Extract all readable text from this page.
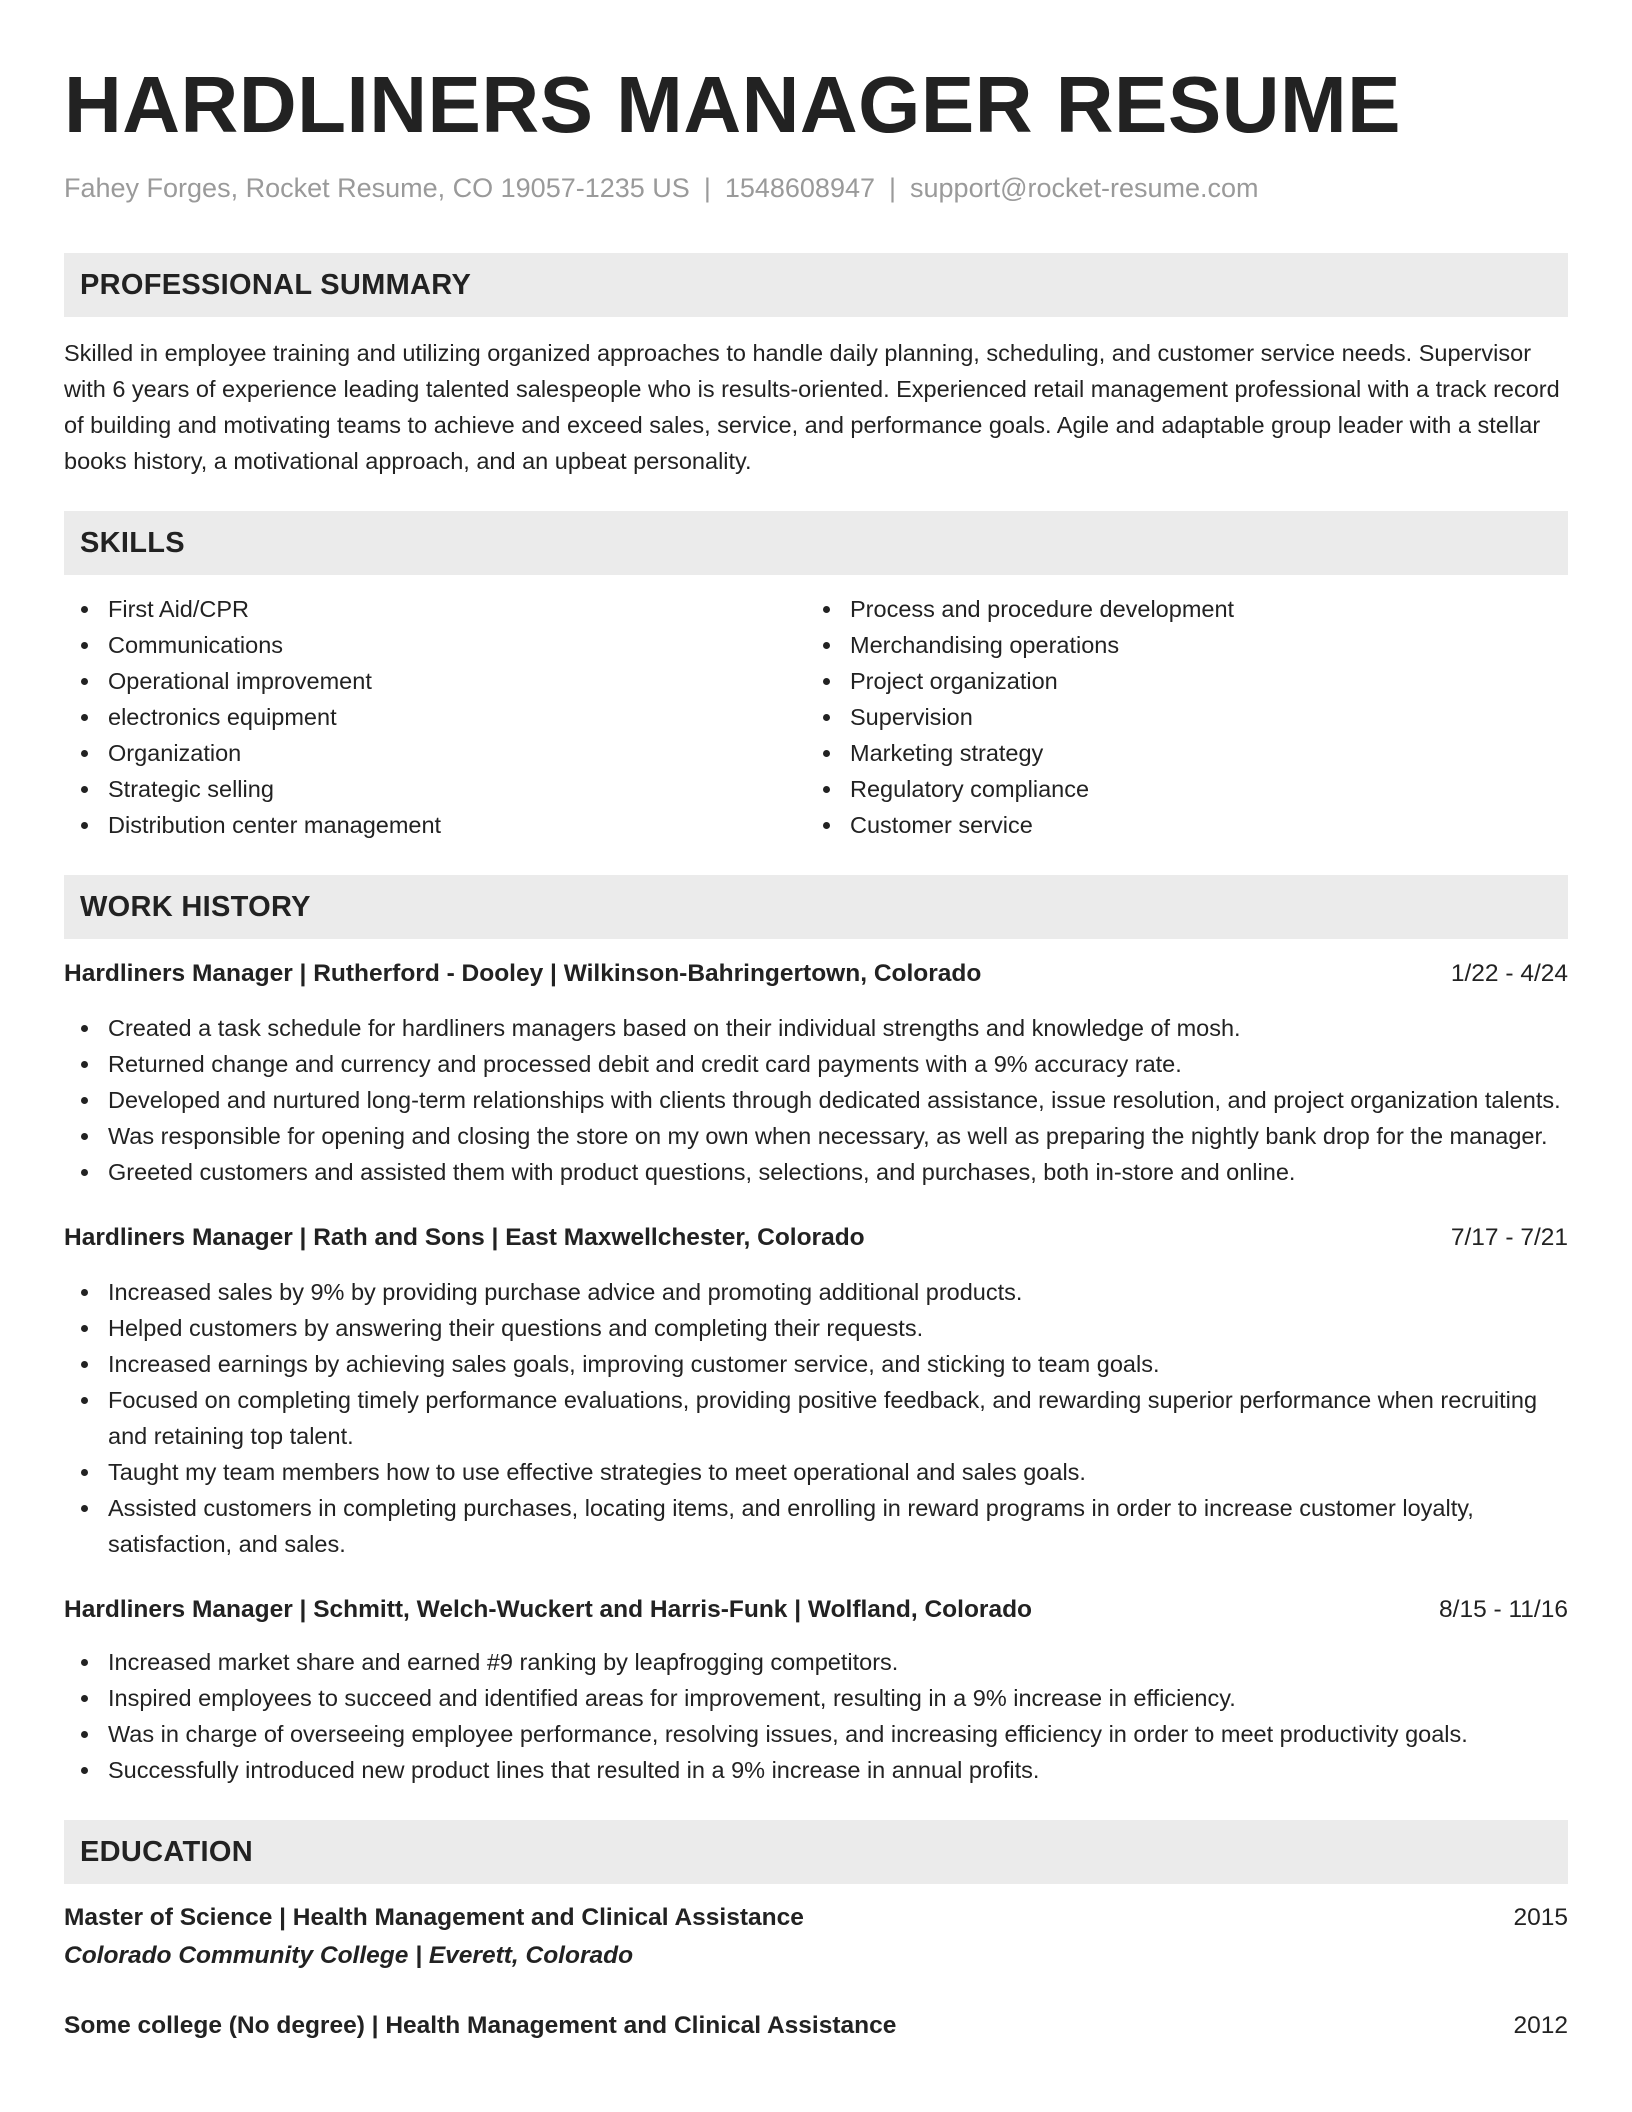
HARDLINERS MANAGER RESUME
Fahey Forges, Rocket Resume, CO 19057-1235 US | 1548608947 | support@rocket-resume.com
PROFESSIONAL SUMMARY
Skilled in employee training and utilizing organized approaches to handle daily planning, scheduling, and customer service needs. Supervisor with 6 years of experience leading talented salespeople who is results-oriented. Experienced retail management professional with a track record of building and motivating teams to achieve and exceed sales, service, and performance goals. Agile and adaptable group leader with a stellar books history, a motivational approach, and an upbeat personality.
SKILLS
First Aid/CPR
Communications
Operational improvement
electronics equipment
Organization
Strategic selling
Distribution center management
Process and procedure development
Merchandising operations
Project organization
Supervision
Marketing strategy
Regulatory compliance
Customer service
WORK HISTORY
Hardliners Manager | Rutherford - Dooley | Wilkinson-Bahringertown, Colorado	1/22 - 4/24
Created a task schedule for hardliners managers based on their individual strengths and knowledge of mosh.
Returned change and currency and processed debit and credit card payments with a 9% accuracy rate.
Developed and nurtured long-term relationships with clients through dedicated assistance, issue resolution, and project organization talents.
Was responsible for opening and closing the store on my own when necessary, as well as preparing the nightly bank drop for the manager.
Greeted customers and assisted them with product questions, selections, and purchases, both in-store and online.
Hardliners Manager | Rath and Sons | East Maxwellchester, Colorado	7/17 - 7/21
Increased sales by 9% by providing purchase advice and promoting additional products.
Helped customers by answering their questions and completing their requests.
Increased earnings by achieving sales goals, improving customer service, and sticking to team goals.
Focused on completing timely performance evaluations, providing positive feedback, and rewarding superior performance when recruiting and retaining top talent.
Taught my team members how to use effective strategies to meet operational and sales goals.
Assisted customers in completing purchases, locating items, and enrolling in reward programs in order to increase customer loyalty, satisfaction, and sales.
Hardliners Manager | Schmitt, Welch-Wuckert and Harris-Funk | Wolfland, Colorado	8/15 - 11/16
Increased market share and earned #9 ranking by leapfrogging competitors.
Inspired employees to succeed and identified areas for improvement, resulting in a 9% increase in efficiency.
Was in charge of overseeing employee performance, resolving issues, and increasing efficiency in order to meet productivity goals.
Successfully introduced new product lines that resulted in a 9% increase in annual profits.
EDUCATION
Master of Science | Health Management and Clinical Assistance	2015
Colorado Community College | Everett, Colorado
Some college (No degree) | Health Management and Clinical Assistance	2012
